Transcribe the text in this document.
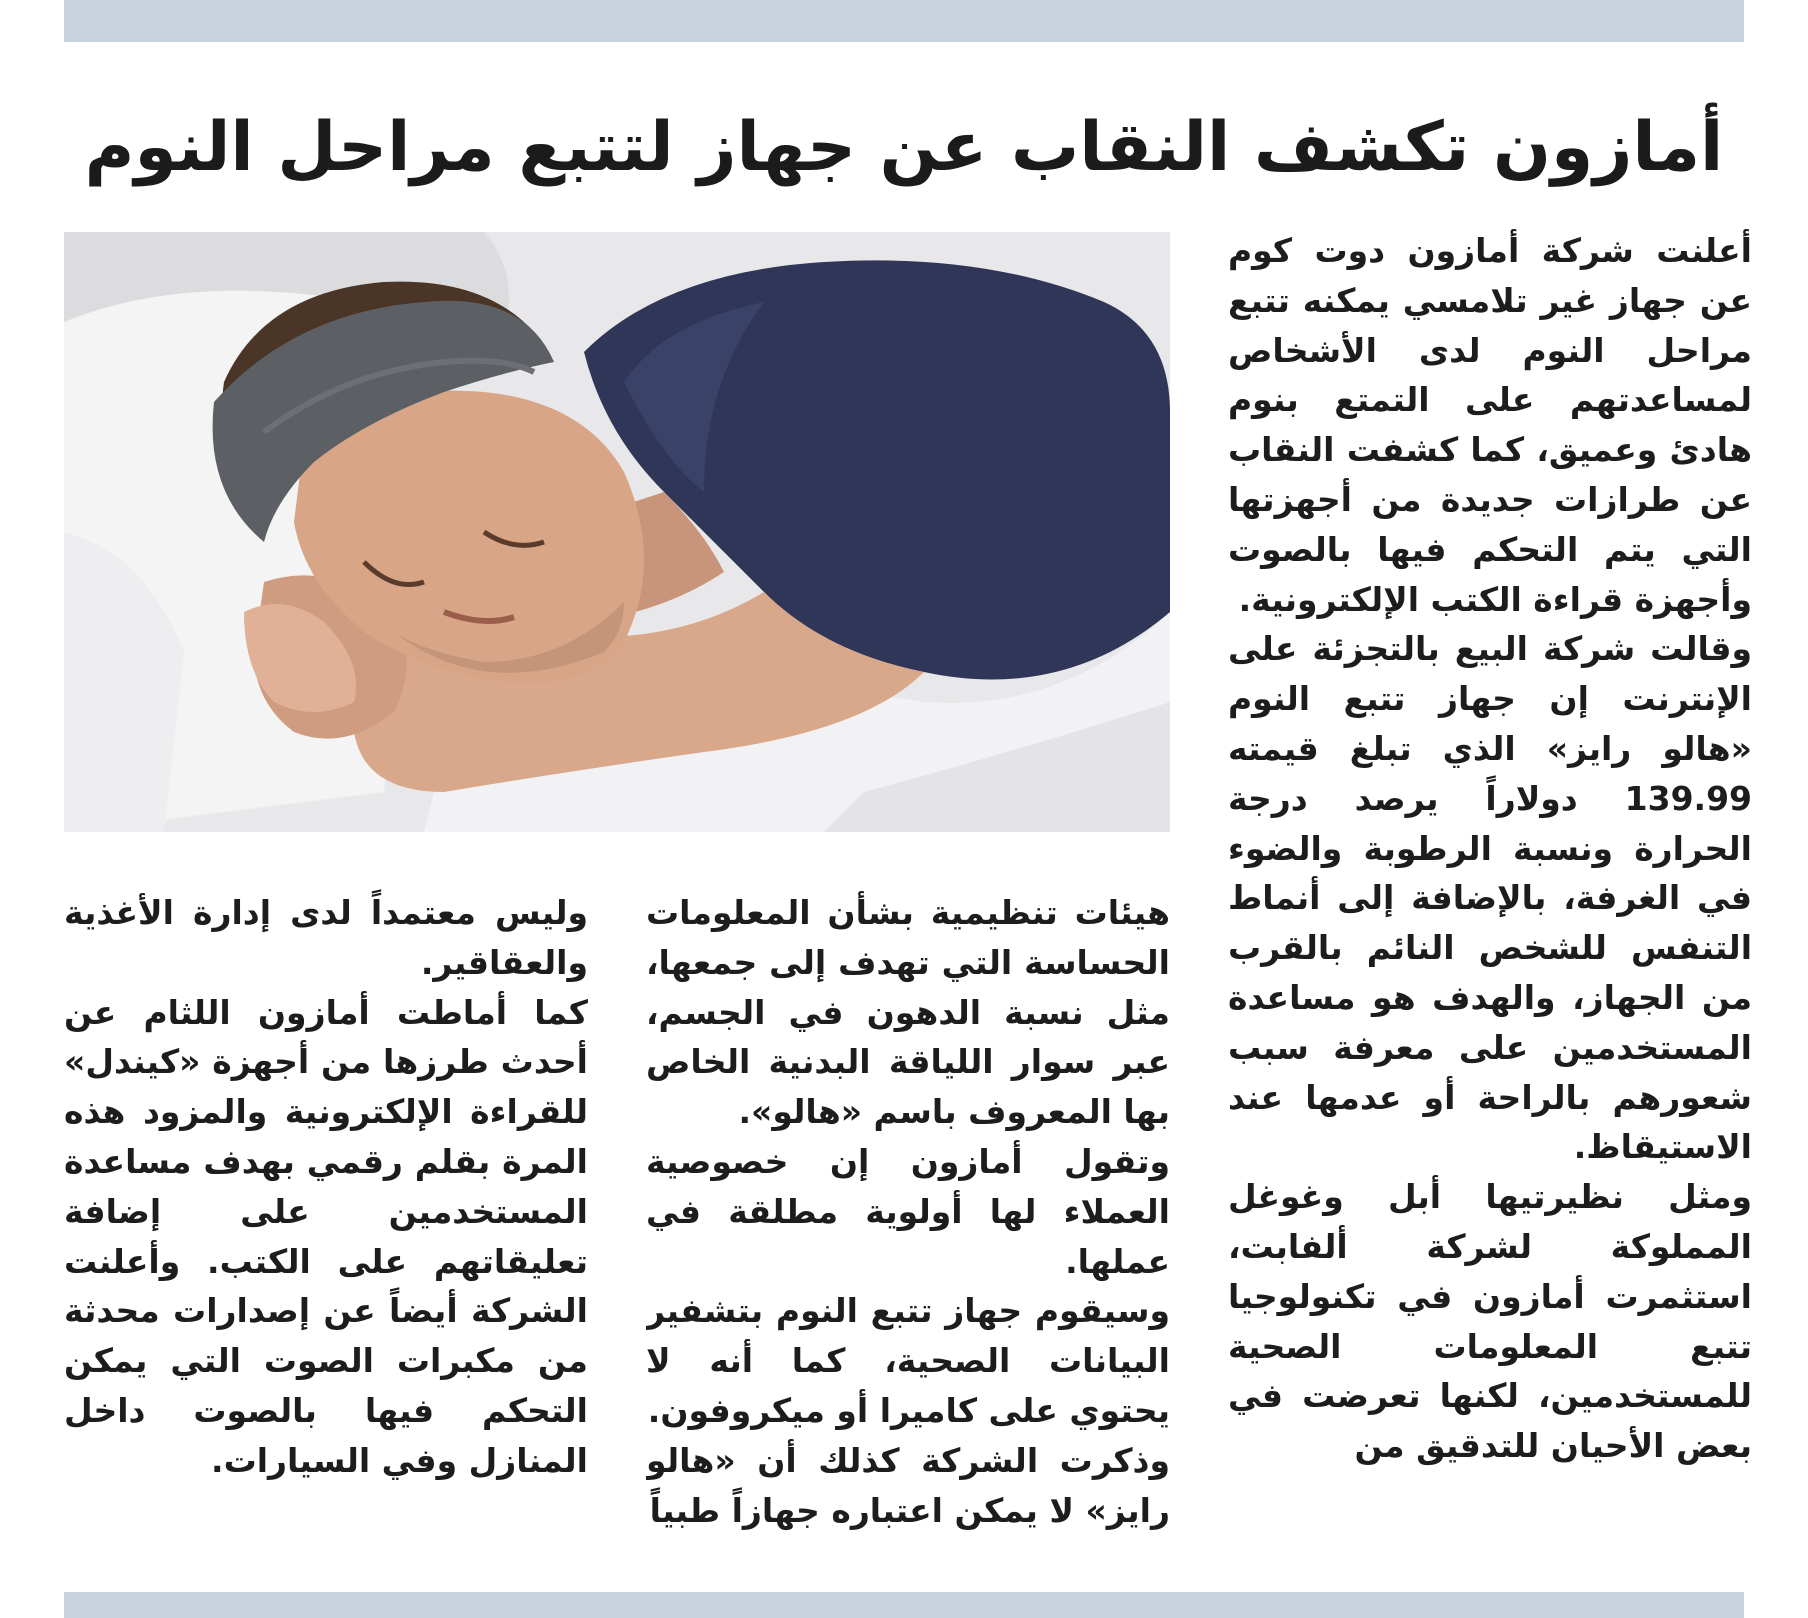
أمازون تكشف النقاب عن جهاز لتتبع مراحل النوم

أعلنت شركة أمازون دوت كوم عن جهاز غير تلامسي يمكنه تتبع مراحل النوم لدى الأشخاص لمساعدتهم على التمتع بنوم هادئ وعميق، كما كشفت النقاب عن طرازات جديدة من أجهزتها التي يتم التحكم فيها بالصوت وأجهزة قراءة الكتب الإلكترونية.

وقالت شركة البيع بالتجزئة على الإنترنت إن جهاز تتبع النوم «هالو رايز» الذي تبلغ قيمته 139.99 دولاراً يرصد درجة الحرارة ونسبة الرطوبة والضوء في الغرفة، بالإضافة إلى أنماط التنفس للشخص النائم بالقرب من الجهاز، والهدف هو مساعدة المستخدمين على معرفة سبب شعورهم بالراحة أو عدمها عند الاستيقاظ.

ومثل نظيرتيها أبل وغوغل المملوكة لشركة ألفابت، استثمرت أمازون في تكنولوجيا تتبع المعلومات الصحية للمستخدمين، لكنها تعرضت في بعض الأحيان للتدقيق من

هيئات تنظيمية بشأن المعلومات الحساسة التي تهدف إلى جمعها، مثل نسبة الدهون في الجسم، عبر سوار اللياقة البدنية الخاص بها المعروف باسم «هالو».

وتقول أمازون إن خصوصية العملاء لها أولوية مطلقة في عملها.

وسيقوم جهاز تتبع النوم بتشفير البيانات الصحية، كما أنه لا يحتوي على كاميرا أو ميكروفون.

وذكرت الشركة كذلك أن «هالو رايز» لا يمكن اعتباره جهازاً طبياً

وليس معتمداً لدى إدارة الأغذية والعقاقير.

كما أماطت أمازون اللثام عن أحدث طرزها من أجهزة «كيندل» للقراءة الإلكترونية والمزود هذه المرة بقلم رقمي بهدف مساعدة المستخدمين على إضافة تعليقاتهم على الكتب. وأعلنت الشركة أيضاً عن إصدارات محدثة من مكبرات الصوت التي يمكن التحكم فيها بالصوت داخل المنازل وفي السيارات.
